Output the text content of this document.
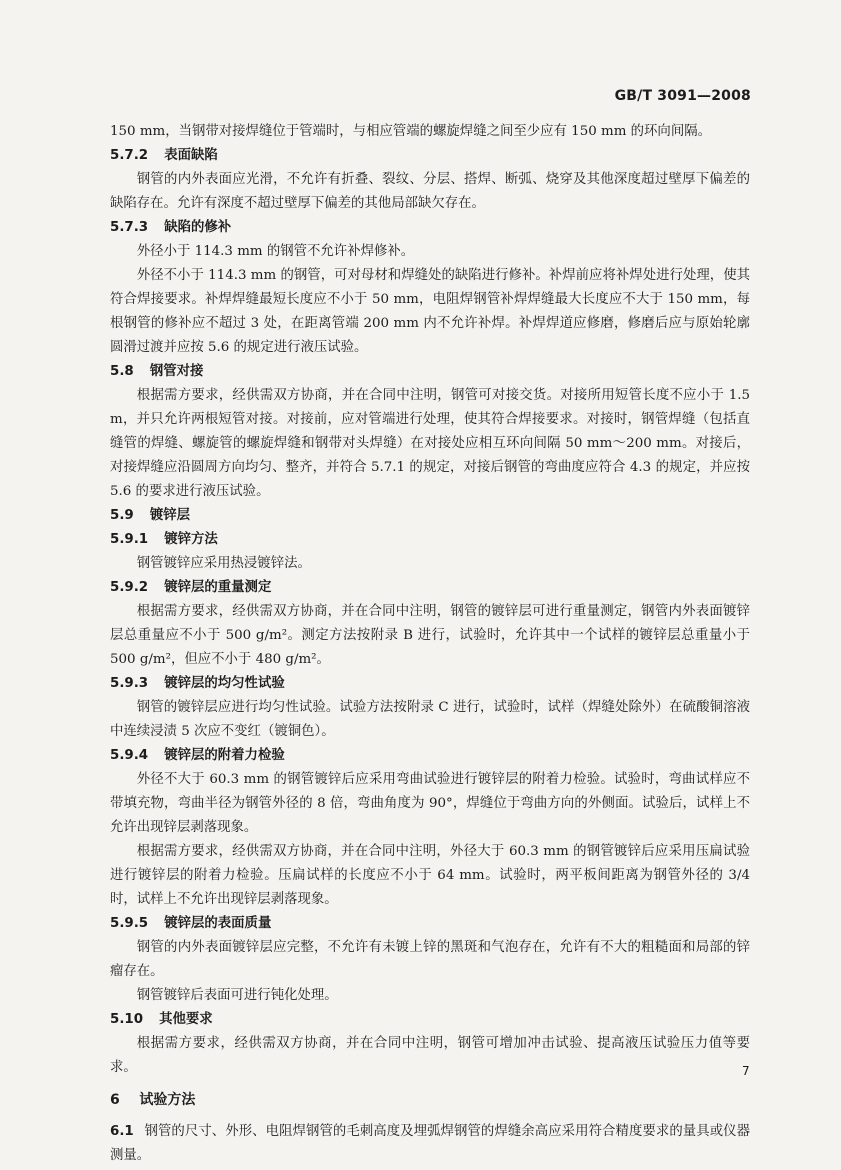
GB/T 3091—2008

150 mm，当钢带对接焊缝位于管端时，与相应管端的螺旋焊缝之间至少应有 150 mm 的环向间隔。

5.7.2 表面缺陷

钢管的内外表面应光滑，不允许有折叠、裂纹、分层、搭焊、断弧、烧穿及其他深度超过壁厚下偏差的缺陷存在。允许有深度不超过壁厚下偏差的其他局部缺欠存在。

5.7.3 缺陷的修补

外径小于 114.3 mm 的钢管不允许补焊修补。

外径不小于 114.3 mm 的钢管，可对母材和焊缝处的缺陷进行修补。补焊前应将补焊处进行处理，使其符合焊接要求。补焊焊缝最短长度应不小于 50 mm，电阻焊钢管补焊焊缝最大长度应不大于 150 mm，每根钢管的修补应不超过 3 处，在距离管端 200 mm 内不允许补焊。补焊焊道应修磨，修磨后应与原始轮廓圆滑过渡并应按 5.6 的规定进行液压试验。

5.8 钢管对接

根据需方要求，经供需双方协商，并在合同中注明，钢管可对接交货。对接所用短管长度不应小于 1.5 m，并只允许两根短管对接。对接前，应对管端进行处理，使其符合焊接要求。对接时，钢管焊缝（包括直缝管的焊缝、螺旋管的螺旋焊缝和钢带对头焊缝）在对接处应相互环向间隔 50 mm～200 mm。对接后，对接焊缝应沿圆周方向均匀、整齐，并符合 5.7.1 的规定，对接后钢管的弯曲度应符合 4.3 的规定，并应按 5.6 的要求进行液压试验。

5.9 镀锌层
5.9.1 镀锌方法

钢管镀锌应采用热浸镀锌法。

5.9.2 镀锌层的重量测定

根据需方要求，经供需双方协商，并在合同中注明，钢管的镀锌层可进行重量测定，钢管内外表面镀锌层总重量应不小于 500 g/m²。测定方法按附录 B 进行，试验时，允许其中一个试样的镀锌层总重量小于 500 g/m²，但应不小于 480 g/m²。

5.9.3 镀锌层的均匀性试验

钢管的镀锌层应进行均匀性试验。试验方法按附录 C 进行，试验时，试样（焊缝处除外）在硫酸铜溶液中连续浸渍 5 次应不变红（镀铜色）。

5.9.4 镀锌层的附着力检验

外径不大于 60.3 mm 的钢管镀锌后应采用弯曲试验进行镀锌层的附着力检验。试验时，弯曲试样应不带填充物，弯曲半径为钢管外径的 8 倍，弯曲角度为 90°，焊缝位于弯曲方向的外侧面。试验后，试样上不允许出现锌层剥落现象。

根据需方要求，经供需双方协商，并在合同中注明，外径大于 60.3 mm 的钢管镀锌后应采用压扁试验进行镀锌层的附着力检验。压扁试样的长度应不小于 64 mm。试验时，两平板间距离为钢管外径的 3/4 时，试样上不允许出现锌层剥落现象。

5.9.5 镀锌层的表面质量

钢管的内外表面镀锌层应完整，不允许有未镀上锌的黑斑和气泡存在，允许有不大的粗糙面和局部的锌瘤存在。

钢管镀锌后表面可进行钝化处理。

5.10 其他要求

根据需方要求，经供需双方协商，并在合同中注明，钢管可增加冲击试验、提高液压试验压力值等要求。

6 试验方法

6.1 钢管的尺寸、外形、电阻焊钢管的毛刺高度及埋弧焊钢管的焊缝余高应采用符合精度要求的量具或仪器测量。

7
